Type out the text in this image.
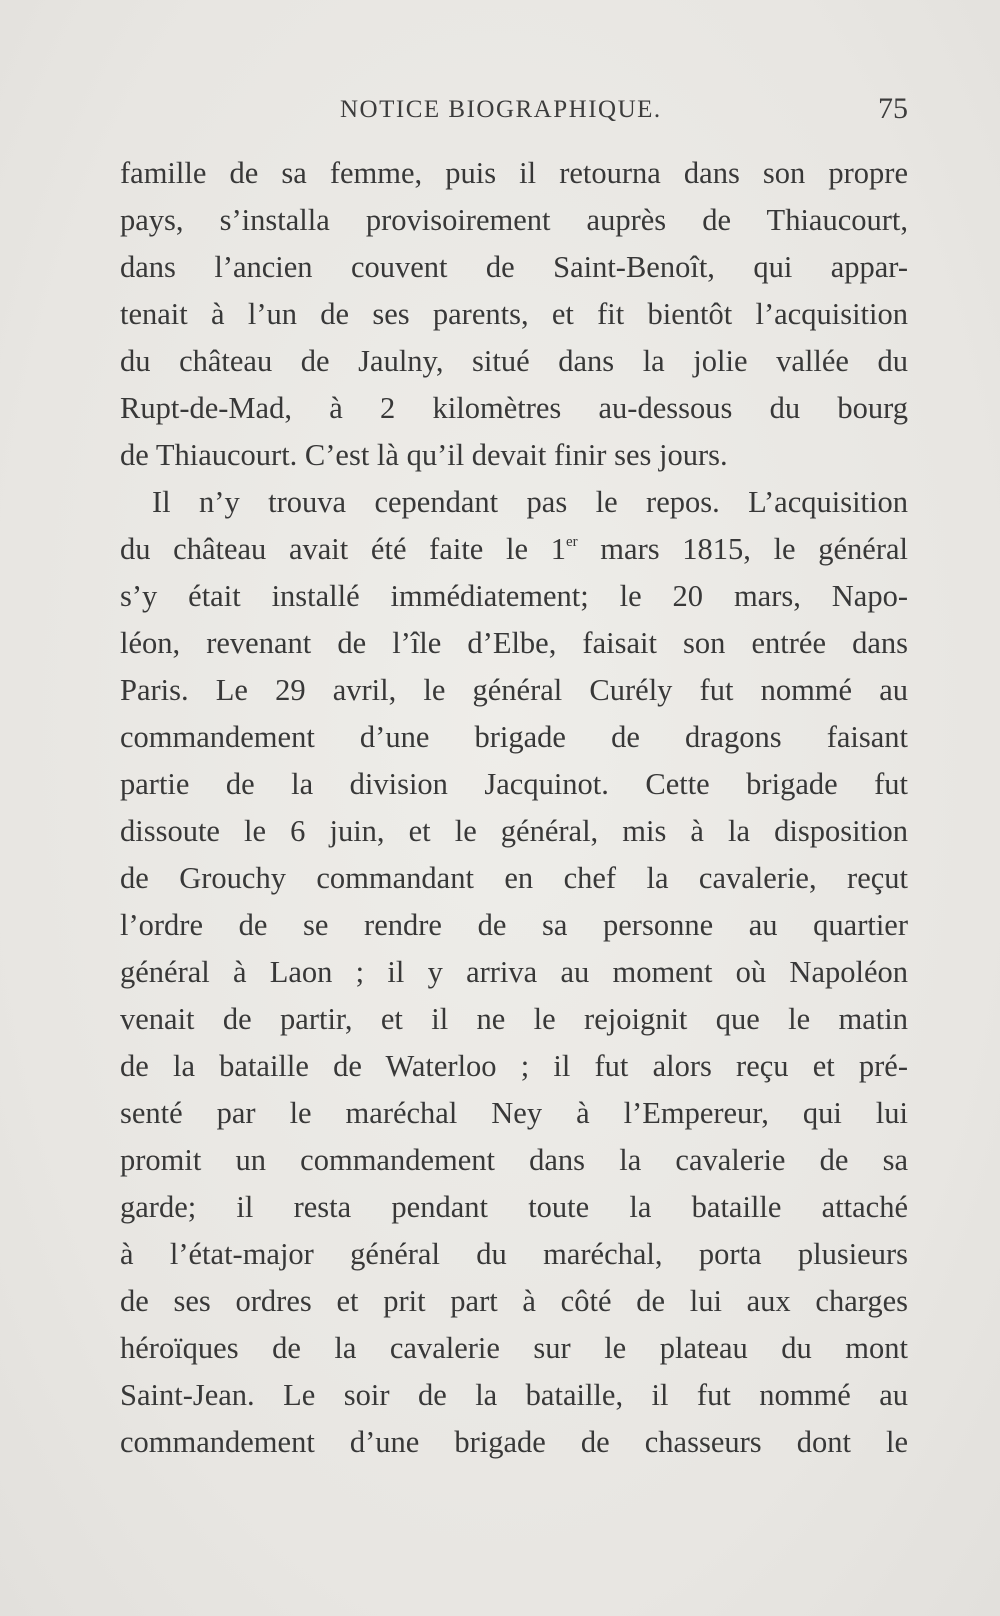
NOTICE BIOGRAPHIQUE.	75
famille de sa femme, puis il retourna dans son propre
pays, s’installa provisoirement auprès de Thiaucourt,
dans l’ancien couvent de Saint-Benoît, qui appar-
tenait à l’un de ses parents, et fit bientôt l’acquisition
du château de Jaulny, situé dans la jolie vallée du
Rupt-de-Mad, à 2 kilomètres au-dessous du bourg
de Thiaucourt. C’est là qu’il devait finir ses jours.
Il n’y trouva cependant pas le repos. L’acquisition
du château avait été faite le 1er mars 1815, le général
s’y était installé immédiatement; le 20 mars, Napo-
léon, revenant de l’île d’Elbe, faisait son entrée dans
Paris. Le 29 avril, le général Curély fut nommé au
commandement d’une brigade de dragons faisant
partie de la division Jacquinot. Cette brigade fut
dissoute le 6 juin, et le général, mis à la disposition
de Grouchy commandant en chef la cavalerie, reçut
l’ordre de se rendre de sa personne au quartier
général à Laon ; il y arriva au moment où Napoléon
venait de partir, et il ne le rejoignit que le matin
de la bataille de Waterloo ; il fut alors reçu et pré-
senté par le maréchal Ney à l’Empereur, qui lui
promit un commandement dans la cavalerie de sa
garde; il resta pendant toute la bataille attaché
à l’état-major général du maréchal, porta plusieurs
de ses ordres et prit part à côté de lui aux charges
héroïques de la cavalerie sur le plateau du mont
Saint-Jean. Le soir de la bataille, il fut nommé au
commandement d’une brigade de chasseurs dont le
